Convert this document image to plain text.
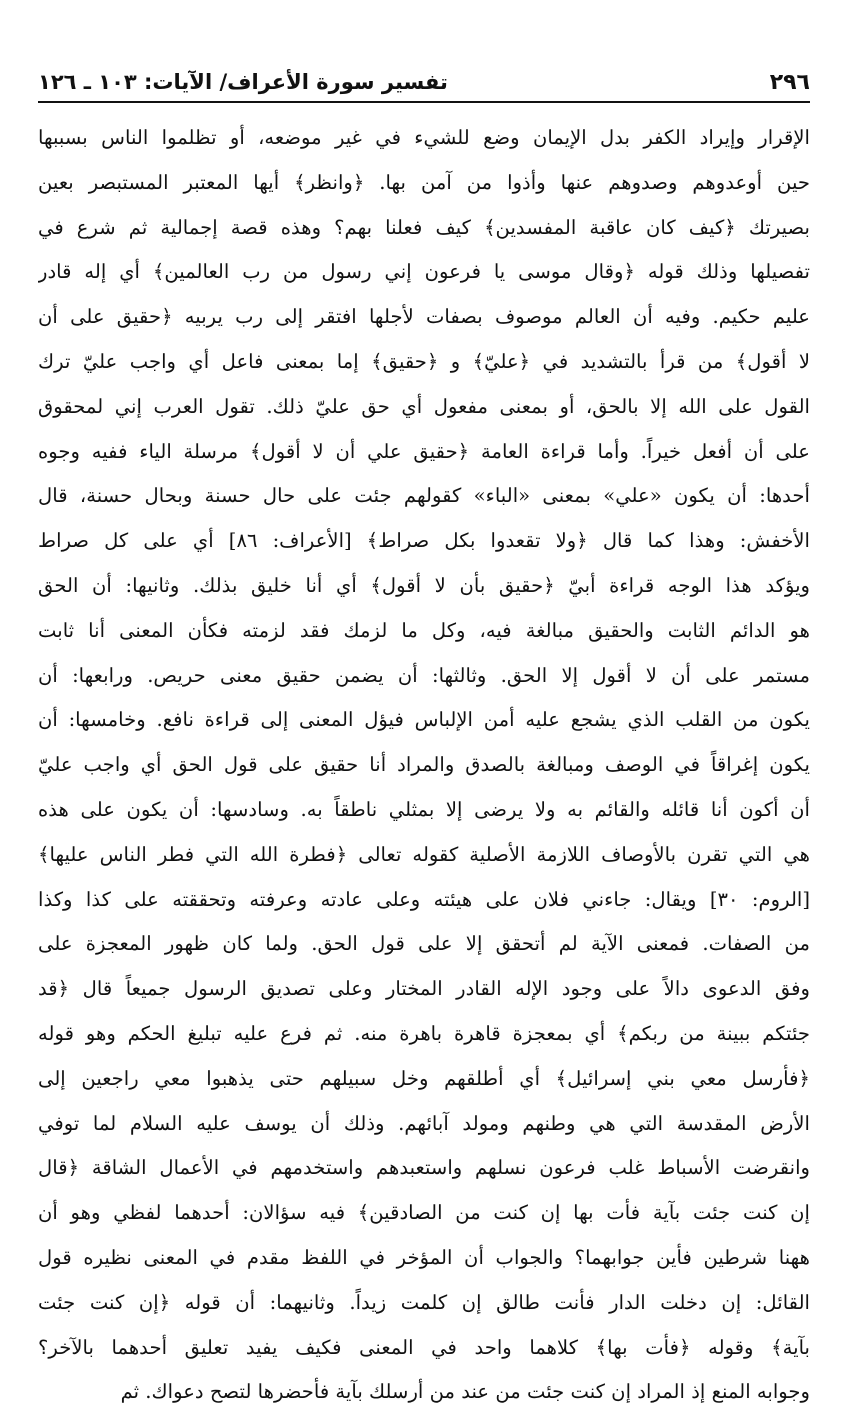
٢٩٦
تفسير سورة الأعراف/ الآيات: ١٠٣ ـ ١٢٦
الإقرار وإيراد الكفر بدل الإيمان وضع للشيء في غير موضعه، أو تظلموا الناس بسببها
حين أوعدوهم وصدوهم عنها وأذوا من آمن بها. ﴿وانظر﴾ أيها المعتبر المستبصر بعين
بصيرتك ﴿كيف كان عاقبة المفسدين﴾ كيف فعلنا بهم؟ وهذه قصة إجمالية ثم شرع في
تفصيلها وذلك قوله ﴿وقال موسى يا فرعون إني رسول من رب العالمين﴾ أي إله قادر
عليم حكيم. وفيه أن العالم موصوف بصفات لأجلها افتقر إلى رب يربيه ﴿حقيق على أن
لا أقول﴾ من قرأ بالتشديد في ﴿عليّ﴾ و ﴿حقيق﴾ إما بمعنى فاعل أي واجب عليّ ترك
القول على الله إلا بالحق، أو بمعنى مفعول أي حق عليّ ذلك. تقول العرب إني لمحقوق
على أن أفعل خيراً. وأما قراءة العامة ﴿حقيق علي أن لا أقول﴾ مرسلة الياء ففيه وجوه
أحدها: أن يكون «علي» بمعنى «الباء» كقولهم جئت على حال حسنة وبحال حسنة، قال
الأخفش: وهذا كما قال ﴿ولا تقعدوا بكل صراط﴾ [الأعراف: ٨٦] أي على كل صراط
ويؤكد هذا الوجه قراءة أبيّ ﴿حقيق بأن لا أقول﴾ أي أنا خليق بذلك. وثانيها: أن الحق
هو الدائم الثابت والحقيق مبالغة فيه، وكل ما لزمك فقد لزمته فكأن المعنى أنا ثابت
مستمر على أن لا أقول إلا الحق. وثالثها: أن يضمن حقيق معنى حريص. ورابعها: أن
يكون من القلب الذي يشجع عليه أمن الإلباس فيؤل المعنى إلى قراءة نافع. وخامسها: أن
يكون إغراقاً في الوصف ومبالغة بالصدق والمراد أنا حقيق على قول الحق أي واجب عليّ
أن أكون أنا قائله والقائم به ولا يرضى إلا بمثلي ناطقاً به. وسادسها: أن يكون على هذه
هي التي تقرن بالأوصاف اللازمة الأصلية كقوله تعالى ﴿فطرة الله التي فطر الناس عليها﴾
[الروم: ٣٠] ويقال: جاءني فلان على هيئته وعلى عادته وعرفته وتحققته على كذا وكذا
من الصفات. فمعنى الآية لم أتحقق إلا على قول الحق. ولما كان ظهور المعجزة على
وفق الدعوى دالاً على وجود الإله القادر المختار وعلى تصديق الرسول جميعاً قال ﴿قد
جئتكم ببينة من ربكم﴾ أي بمعجزة قاهرة باهرة منه. ثم فرع عليه تبليغ الحكم وهو قوله
﴿فأرسل معي بني إسرائيل﴾ أي أطلقهم وخل سبيلهم حتى يذهبوا معي راجعين إلى
الأرض المقدسة التي هي وطنهم ومولد آبائهم. وذلك أن يوسف عليه السلام لما توفي
وانقرضت الأسباط غلب فرعون نسلهم واستعبدهم واستخدمهم في الأعمال الشاقة ﴿قال
إن كنت جئت بآية فأت بها إن كنت من الصادقين﴾ فيه سؤالان: أحدهما لفظي وهو أن
ههنا شرطين فأين جوابهما؟ والجواب أن المؤخر في اللفظ مقدم في المعنى نظيره قول
القائل: إن دخلت الدار فأنت طالق إن كلمت زيداً. وثانيهما: أن قوله ﴿إن كنت جئت
بآية﴾ وقوله ﴿فأت بها﴾ كلاهما واحد في المعنى فكيف يفيد تعليق أحدهما بالآخر؟
وجوابه المنع إذ المراد إن كنت جئت من عند من أرسلك بآية فأحضرها لتصح دعواك. ثم
